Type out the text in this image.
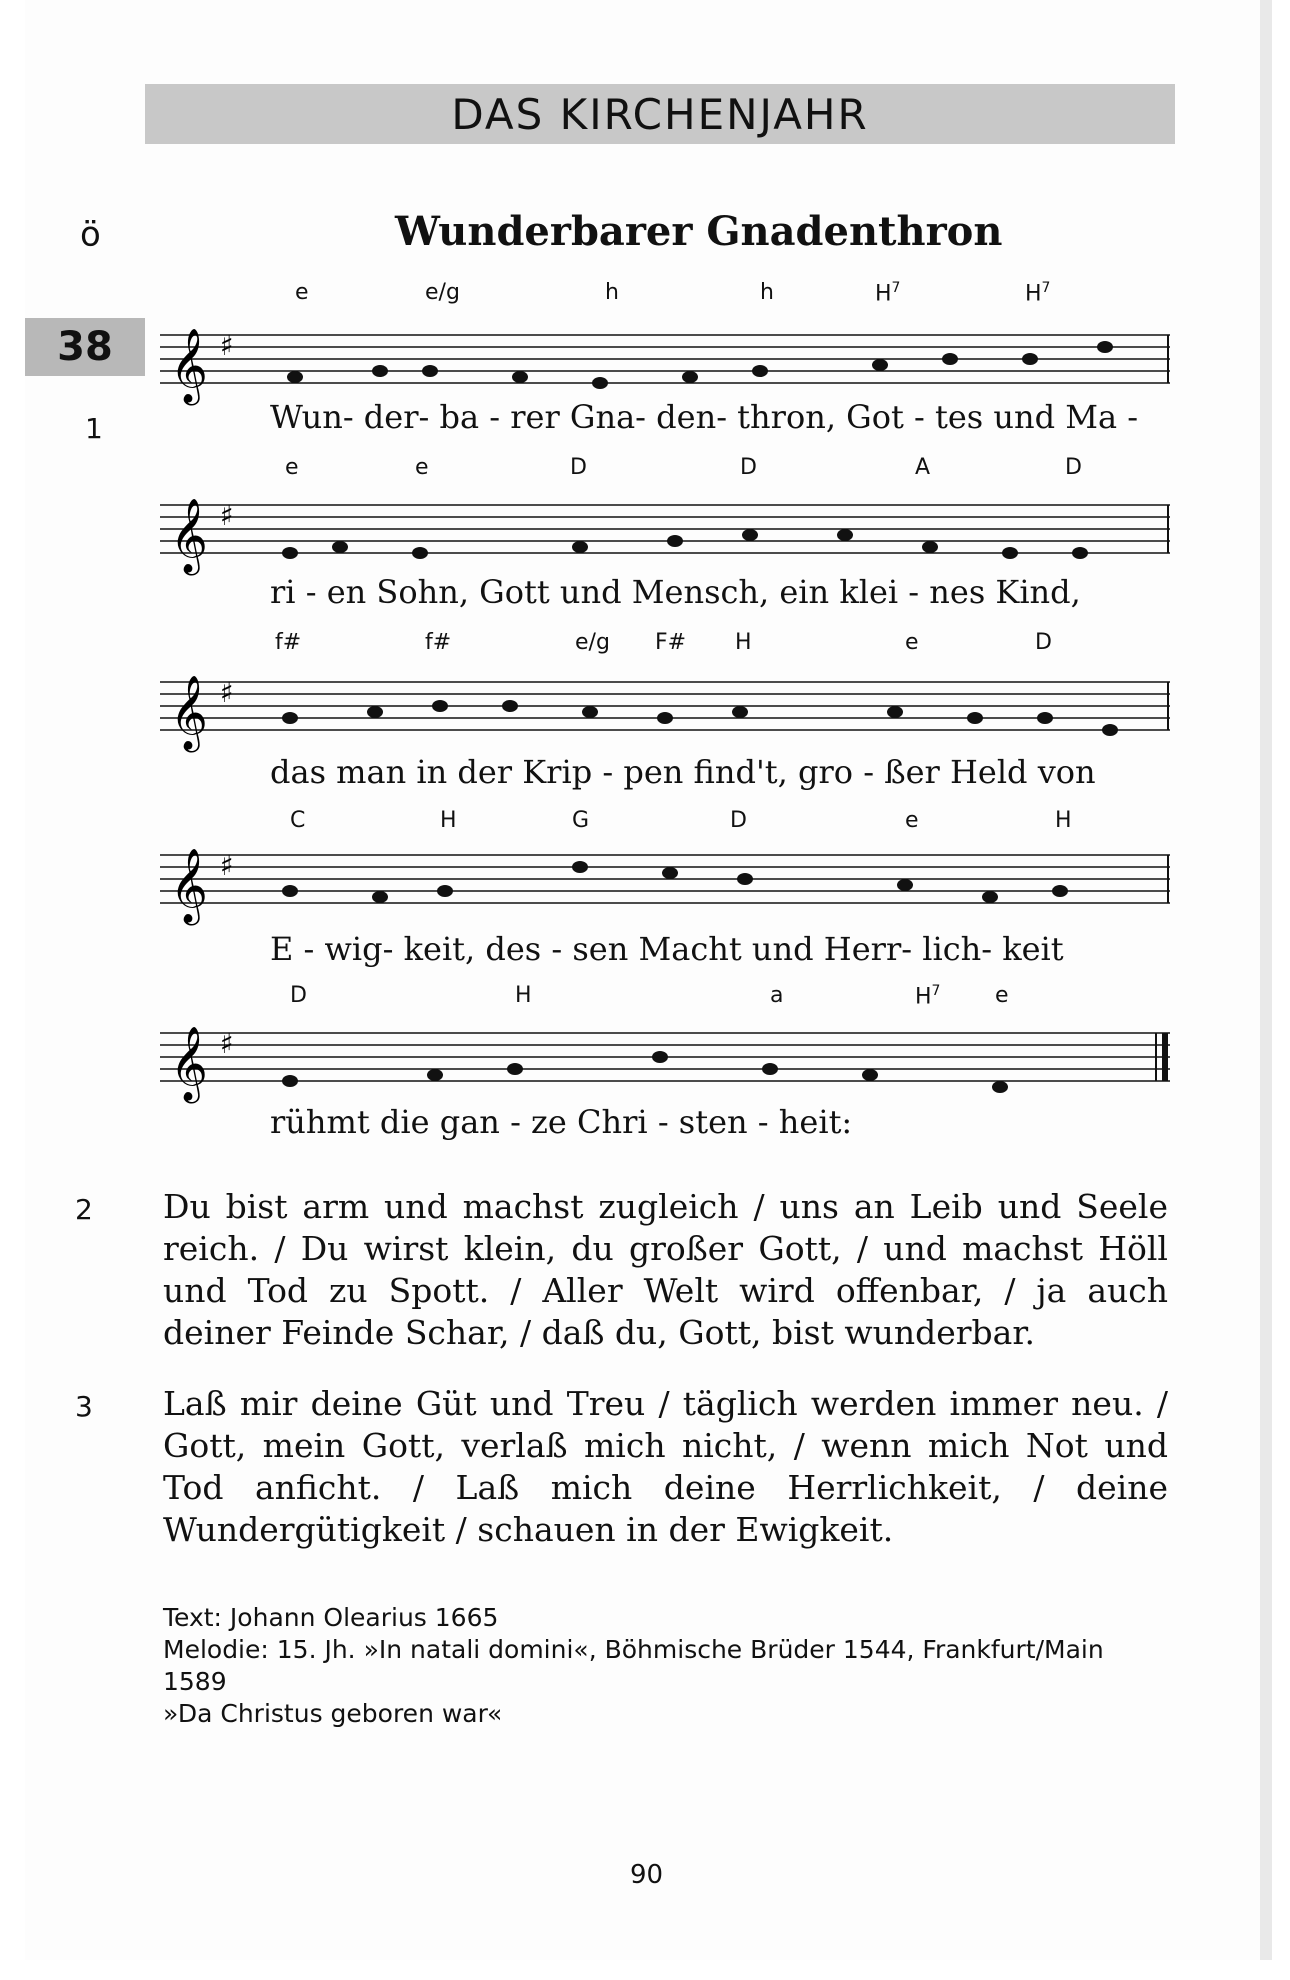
DAS KIRCHENJAHR
ö
38
Wunderbarer Gnadenthron
1
e	e/g	h	h	$H^7$	$H^7$
𝄞 ♯
Wun- der- ba - rer Gna- den- thron, Got - tes und Ma -
e	e	D	D	A	D
𝄞 ♯
ri - en Sohn, Gott und Mensch, ein klei - nes Kind,
f#	f#	e/g F# H	e	D
𝄞 ♯
das man in der Krip - pen find't, gro - ßer Held von
C	H	G	D	e	H
𝄞 ♯
E - wig- keit, des - sen Macht und Herr- lich- keit
D	H	a	$H^7$ e
𝄞 ♯
rühmt die gan - ze Chri - sten - heit:
2 Du bist arm und machst zugleich / uns an Leib und Seele reich. / Du wirst klein, du großer Gott, / und machst Höll und Tod zu Spott. / Aller Welt wird offenbar, / ja auch deiner Feinde Schar, / daß du, Gott, bist wunderbar.
3 Laß mir deine Güt und Treu / täglich werden immer neu. / Gott, mein Gott, verlaß mich nicht, / wenn mich Not und Tod anficht. / Laß mich deine Herrlichkeit, / deine Wundergütigkeit / schauen in der Ewigkeit.
Text: Johann Olearius 1665
Melodie: 15. Jh. »In natali domini«, Böhmische Brüder 1544, Frankfurt/Main 1589
»Da Christus geboren war«
90
